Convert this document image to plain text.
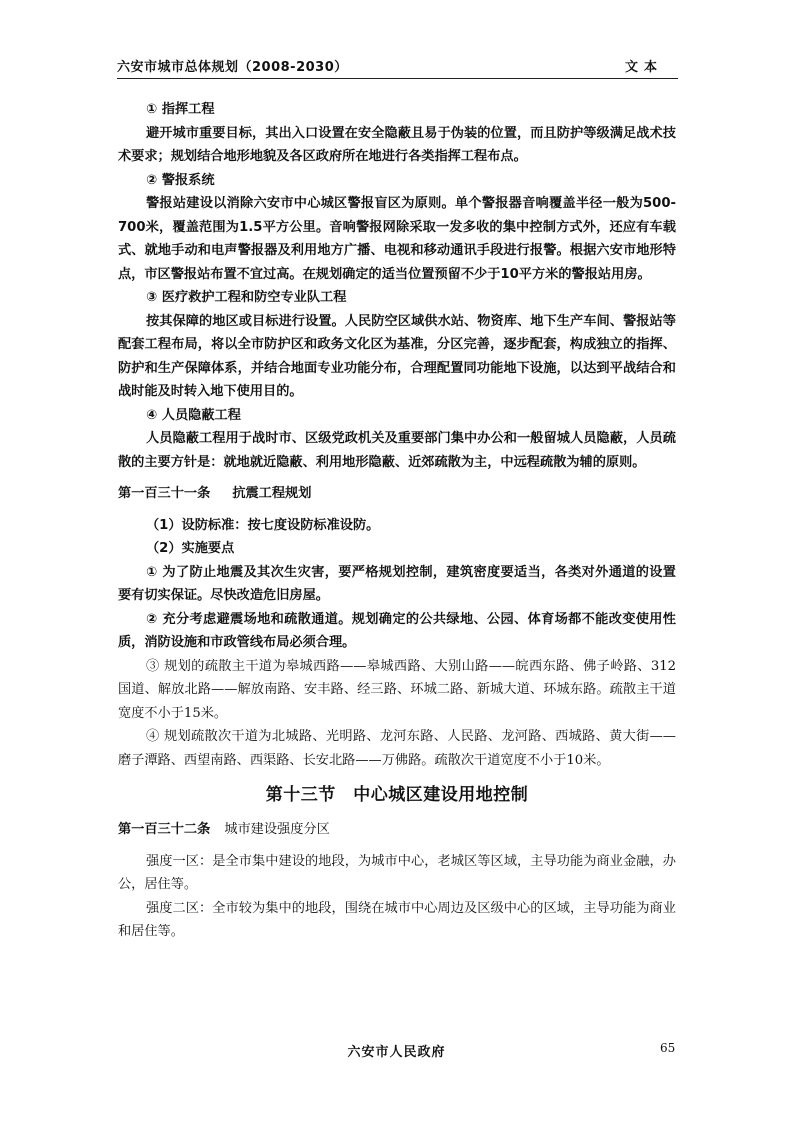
六安市城市总体规划（2008-2030）	文本

① 指挥工程

避开城市重要目标，其出入口设置在安全隐蔽且易于伪装的位置，而且防护等级满足战术技术要求；规划结合地形地貌及各区政府所在地进行各类指挥工程布点。

② 警报系统

警报站建设以消除六安市中心城区警报盲区为原则。单个警报器音响覆盖半径一般为500-700米，覆盖范围为1.5平方公里。音响警报网除采取一发多收的集中控制方式外，还应有车载式、就地手动和电声警报器及利用地方广播、电视和移动通讯手段进行报警。根据六安市地形特点，市区警报站布置不宜过高。在规划确定的适当位置预留不少于10平方米的警报站用房。

③ 医疗救护工程和防空专业队工程

按其保障的地区或目标进行设置。人民防空区域供水站、物资库、地下生产车间、警报站等配套工程布局，将以全市防护区和政务文化区为基准，分区完善，逐步配套，构成独立的指挥、防护和生产保障体系，并结合地面专业功能分布，合理配置同功能地下设施，以达到平战结合和战时能及时转入地下使用目的。

④ 人员隐蔽工程

人员隐蔽工程用于战时市、区级党政机关及重要部门集中办公和一般留城人员隐蔽，人员疏散的主要方针是：就地就近隐蔽、利用地形隐蔽、近郊疏散为主，中远程疏散为辅的原则。

第一百三十一条 抗震工程规划

（1）设防标准：按七度设防标准设防。

（2）实施要点

① 为了防止地震及其次生灾害，要严格规划控制，建筑密度要适当，各类对外通道的设置要有切实保证。尽快改造危旧房屋。

② 充分考虑避震场地和疏散通道。规划确定的公共绿地、公园、体育场都不能改变使用性质，消防设施和市政管线布局必须合理。

③ 规划的疏散主干道为皋城西路——皋城西路、大别山路——皖西东路、佛子岭路、312国道、解放北路——解放南路、安丰路、经三路、环城二路、新城大道、环城东路。疏散主干道宽度不小于15米。

④ 规划疏散次干道为北城路、光明路、龙河东路、人民路、龙河路、西城路、黄大街——磨子潭路、西望南路、西渠路、长安北路——万佛路。疏散次干道宽度不小于10米。

第十三节　中心城区建设用地控制

第一百三十二条 城市建设强度分区

强度一区：是全市集中建设的地段，为城市中心，老城区等区域，主导功能为商业金融，办公，居住等。

强度二区：全市较为集中的地段，围绕在城市中心周边及区级中心的区域，主导功能为商业和居住等。

六安市人民政府	65
